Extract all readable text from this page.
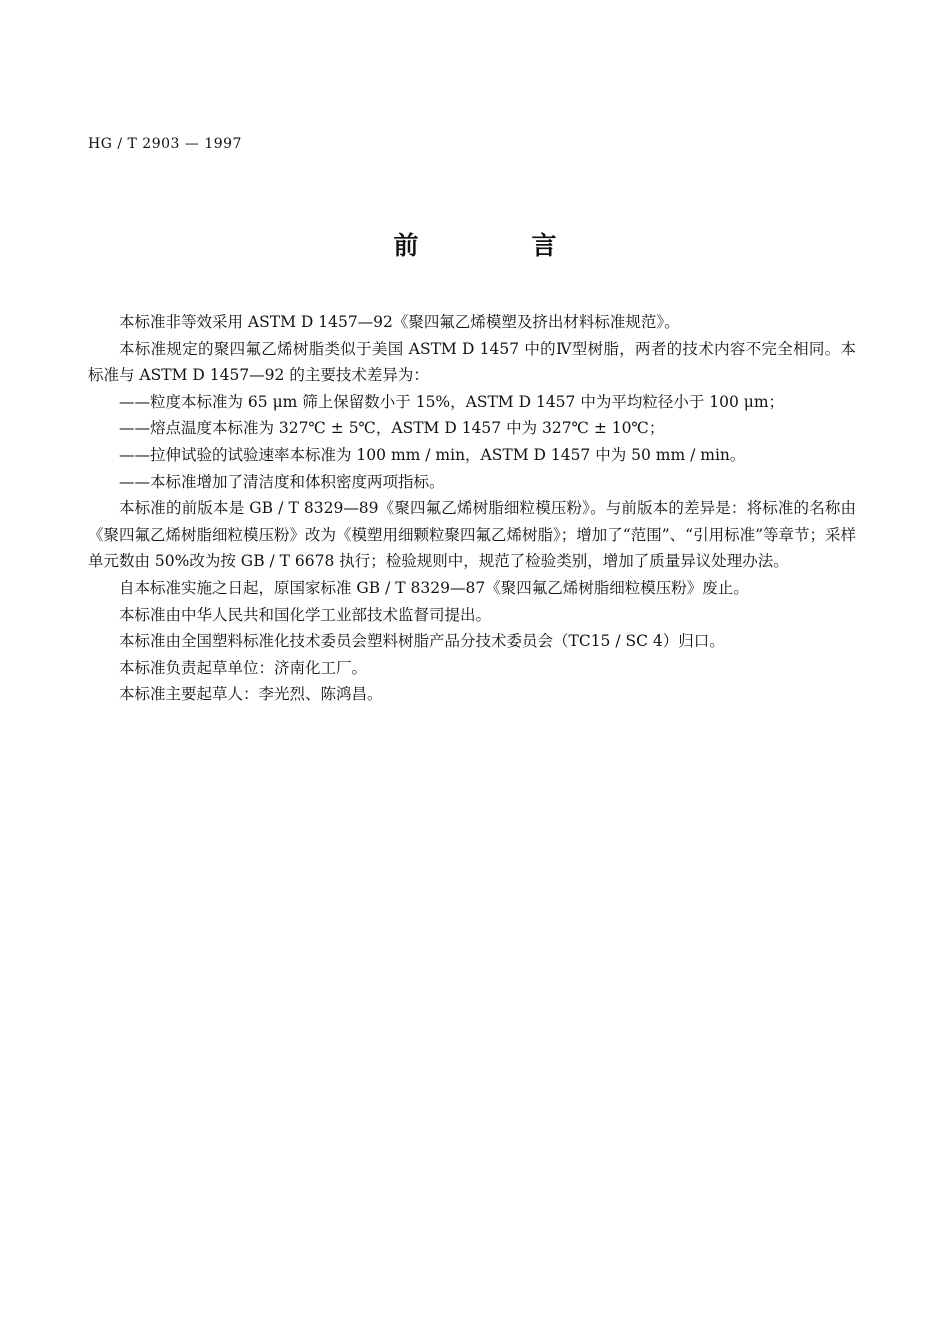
HG / T 2903 — 1997
前　言

本标准非等效采用 ASTM D 1457—92《聚四氟乙烯模塑及挤出材料标准规范》。

本标准规定的聚四氟乙烯树脂类似于美国 ASTM D 1457 中的Ⅳ型树脂，两者的技术内容不完全相同。本标准与 ASTM D 1457—92 的主要技术差异为：

——粒度本标准为 65 μm 筛上保留数小于 15%，ASTM D 1457 中为平均粒径小于 100 μm；

——熔点温度本标准为 327℃ ± 5℃，ASTM D 1457 中为 327℃ ± 10℃；

——拉伸试验的试验速率本标准为 100 mm / min，ASTM D 1457 中为 50 mm / min。

——本标准增加了清洁度和体积密度两项指标。

本标准的前版本是 GB / T 8329—89《聚四氟乙烯树脂细粒模压粉》。与前版本的差异是：将标准的名称由《聚四氟乙烯树脂细粒模压粉》改为《模塑用细颗粒聚四氟乙烯树脂》；增加了“范围”、“引用标准”等章节；采样单元数由 50%改为按 GB / T 6678 执行；检验规则中，规范了检验类别，增加了质量异议处理办法。

自本标准实施之日起，原国家标准 GB / T 8329—87《聚四氟乙烯树脂细粒模压粉》废止。

本标准由中华人民共和国化学工业部技术监督司提出。

本标准由全国塑料标准化技术委员会塑料树脂产品分技术委员会（TC15 / SC 4）归口。

本标准负责起草单位：济南化工厂。

本标准主要起草人：李光烈、陈鸿昌。
